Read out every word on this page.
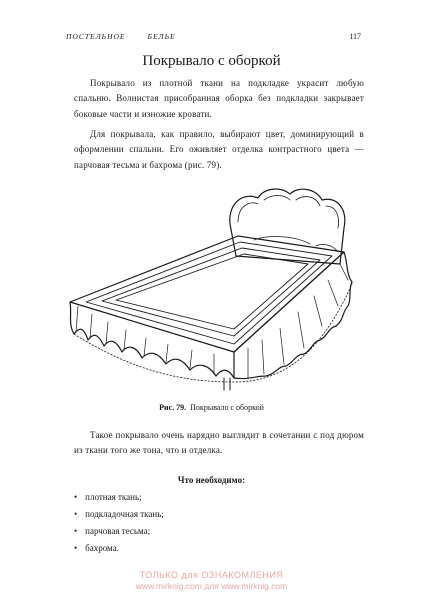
ПОСТЕЛЬНОЕ	БЕЛЬЕ	117
Покрывало с оборкой

Покрывало из плотной ткани на подкладке украсит любую спальню. Волнистая присобранная оборка без подкладки закрывает боковые части и изножие кровати.

Для покрывала, как правило, выбирают цвет, доминирующий в оформлении спальни. Его оживляет отделка контрастного цвета — парчовая тесьма и бахрома (рис. 79).

Рис. 79. Покрывало с оборкой

Такое покрывало очень нарядно выглядит в сочетании с под дюром из ткани того же тона, что и отделка.

Что необходимо:
• плотная ткань;
• подкладочная ткань;
• парчовая тесьма;
• бахрома.
ТОЛЬКО для ОЗНАКОМЛЕНИЯ
www.mirknig.com для www.mirknig.com
